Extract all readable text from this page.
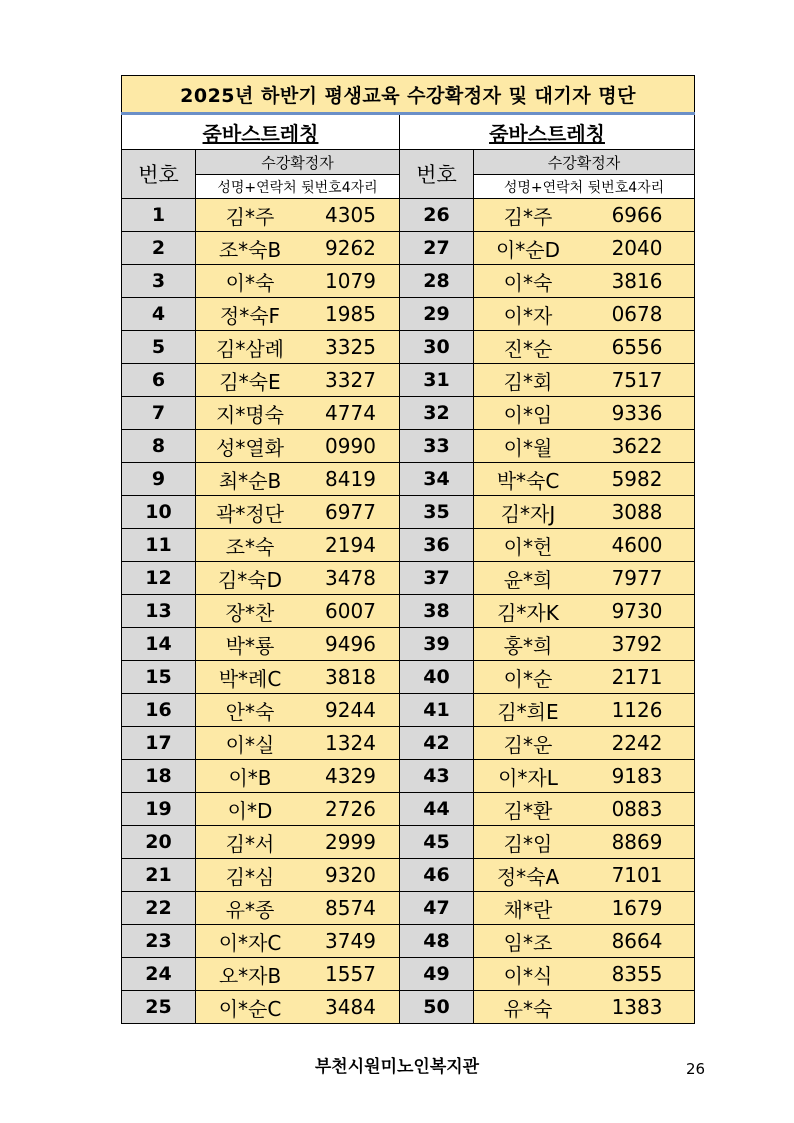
2025년 하반기 평생교육 수강확정자 및 대기자 명단			
줌바스트레칭		줌바스트레칭	
번호	수강확정자	번호	수강확정자
	성명+연락처 뒷번호4자리		성명+연락처 뒷번호4자리
1	김*주 4305	26	김*주 6966

2	조*숙B 9262	27	이*순D 2040

3	이*숙 1079	28	이*숙 3816

4	정*숙F 1985	29	이*자 0678

5	김*삼례 3325	30	진*순 6556

6	김*숙E 3327	31	김*회 7517

7	지*명숙 4774	32	이*임 9336

8	성*열화 0990	33	이*월 3622

9	최*순B 8419	34	박*숙C 5982

10	곽*정단 6977	35	김*자J 3088

11	조*숙 2194	36	이*헌 4600

12	김*숙D 3478	37	윤*희 7977

13	장*찬 6007	38	김*자K 9730

14	박*룡 9496	39	홍*희 3792

15	박*례C 3818	40	이*순 2171

16	안*숙 9244	41	김*희E 1126

17	이*실 1324	42	김*운 2242

18	이*B 4329	43	이*자L 9183

19	이*D 2726	44	김*환 0883

20	김*서 2999	45	김*임 8869

21	김*심 9320	46	정*숙A 7101

22	유*종 8574	47	채*란 1679

23	이*자C 3749	48	임*조 8664

24	오*자B 1557	49	이*식 8355

25	이*순C 3484	50	유*숙 1383
부천시원미노인복지관	26
